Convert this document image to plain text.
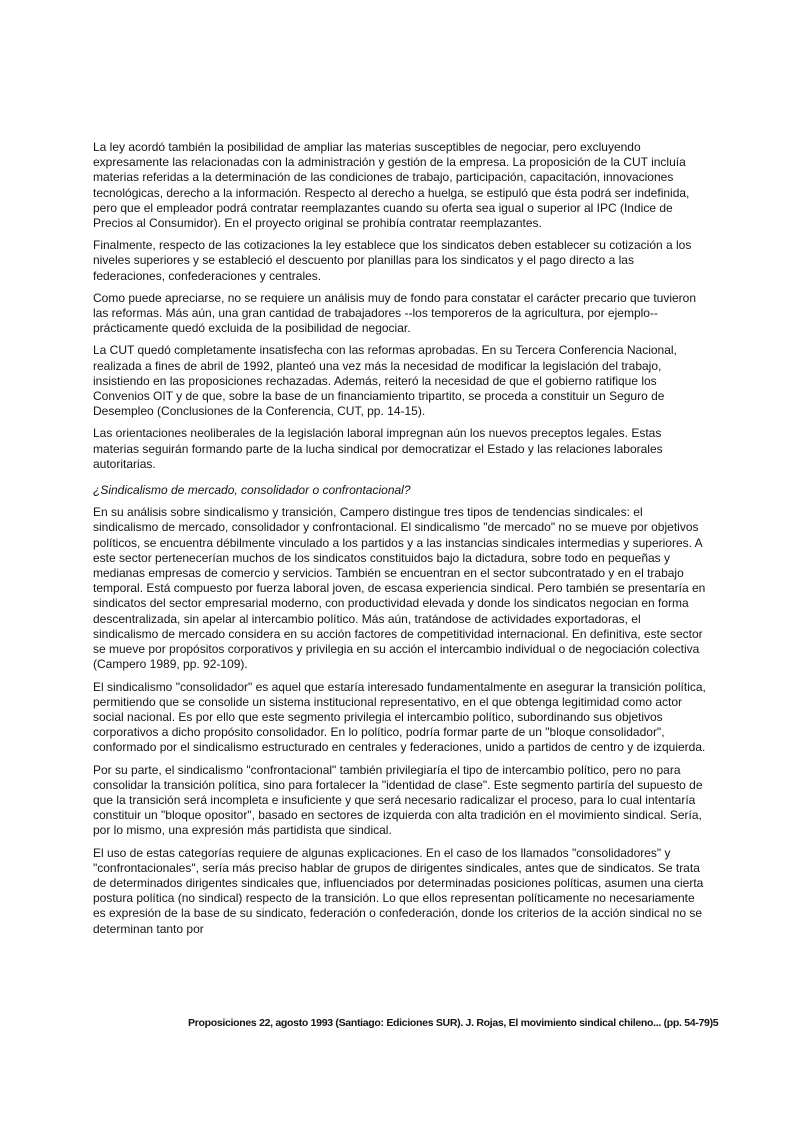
La ley acordó también la posibilidad de ampliar las materias susceptibles de negociar, pero excluyendo expresamente las relacionadas con la administración y gestión de la empresa. La proposición de la CUT incluía materias referidas a la determinación de las condiciones de trabajo, participación, capacitación, innovaciones tecnológicas, derecho a la información. Respecto al derecho a huelga, se estipuló que ésta podrá ser indefinida, pero que el empleador podrá contratar reemplazantes cuando su oferta sea igual o superior al IPC (Indice de Precios al Consumidor). En el proyecto original se prohibía contratar reemplazantes.

Finalmente, respecto de las cotizaciones la ley establece que los sindicatos deben establecer su cotización a los niveles superiores y se estableció el descuento por planillas para los sindicatos y el pago directo a las federaciones, confederaciones y centrales.

Como puede apreciarse, no se requiere un análisis muy de fondo para constatar el carácter precario que tuvieron las reformas. Más aún, una gran cantidad de trabajadores --los temporeros de la agricultura, por ejemplo-- prácticamente quedó excluida de la posibilidad de negociar.

La CUT quedó completamente insatisfecha con las reformas aprobadas. En su Tercera Conferencia Nacional, realizada a fines de abril de 1992, planteó una vez más la necesidad de modificar la legislación del trabajo, insistiendo en las proposiciones rechazadas. Además, reiteró la necesidad de que el gobierno ratifique los Convenios OIT y de que, sobre la base de un financiamiento tripartito, se proceda a constituir un Seguro de Desempleo (Conclusiones de la Conferencia, CUT, pp. 14-15).

Las orientaciones neoliberales de la legislación laboral impregnan aún los nuevos preceptos legales. Estas materias seguirán formando parte de la lucha sindical por democratizar el Estado y las relaciones laborales autoritarias.

¿Sindicalismo de mercado, consolidador o confrontacional?

En su análisis sobre sindicalismo y transición, Campero distingue tres tipos de tendencias sindicales: el sindicalismo de mercado, consolidador y confrontacional. El sindicalismo "de mercado" no se mueve por objetivos políticos, se encuentra débilmente vinculado a los partidos y a las instancias sindicales intermedias y superiores. A este sector pertenecerían muchos de los sindicatos constituidos bajo la dictadura, sobre todo en pequeñas y medianas empresas de comercio y servicios. También se encuentran en el sector subcontratado y en el trabajo temporal. Está compuesto por fuerza laboral joven, de escasa experiencia sindical. Pero también se presentaría en sindicatos del sector empresarial moderno, con productividad elevada y donde los sindicatos negocian en forma descentralizada, sin apelar al intercambio político. Más aún, tratándose de actividades exportadoras, el sindicalismo de mercado considera en su acción factores de competitividad internacional. En definitiva, este sector se mueve por propósitos corporativos y privilegia en su acción el intercambio individual o de negociación colectiva (Campero 1989, pp. 92-109).

El sindicalismo "consolidador" es aquel que estaría interesado fundamentalmente en asegurar la transición política, permitiendo que se consolide un sistema institucional representativo, en el que obtenga legitimidad como actor social nacional. Es por ello que este segmento privilegia el intercambio político, subordinando sus objetivos corporativos a dicho propósito consolidador. En lo político, podría formar parte de un "bloque consolidador", conformado por el sindicalismo estructurado en centrales y federaciones, unido a partidos de centro y de izquierda.

Por su parte, el sindicalismo "confrontacional" también privilegiaría el tipo de intercambio político, pero no para consolidar la transición política, sino para fortalecer la "identidad de clase". Este segmento partiría del supuesto de que la transición será incompleta e insuficiente y que será necesario radicalizar el proceso, para lo cual intentaría constituir un "bloque opositor", basado en sectores de izquierda con alta tradición en el movimiento sindical. Sería, por lo mismo, una expresión más partidista que sindical.

El uso de estas categorías requiere de algunas explicaciones. En el caso de los llamados "consolidadores" y "confrontacionales", sería más preciso hablar de grupos de dirigentes sindicales, antes que de sindicatos. Se trata de determinados dirigentes sindicales que, influenciados por determinadas posiciones políticas, asumen una cierta postura política (no sindical) respecto de la transición. Lo que ellos representan políticamente no necesariamente es expresión de la base de su sindicato, federación o confederación, donde los criterios de la acción sindical no se determinan tanto por

Proposiciones 22, agosto 1993 (Santiago: Ediciones SUR). J. Rojas, El movimiento sindical chileno... (pp. 54-79) 5
